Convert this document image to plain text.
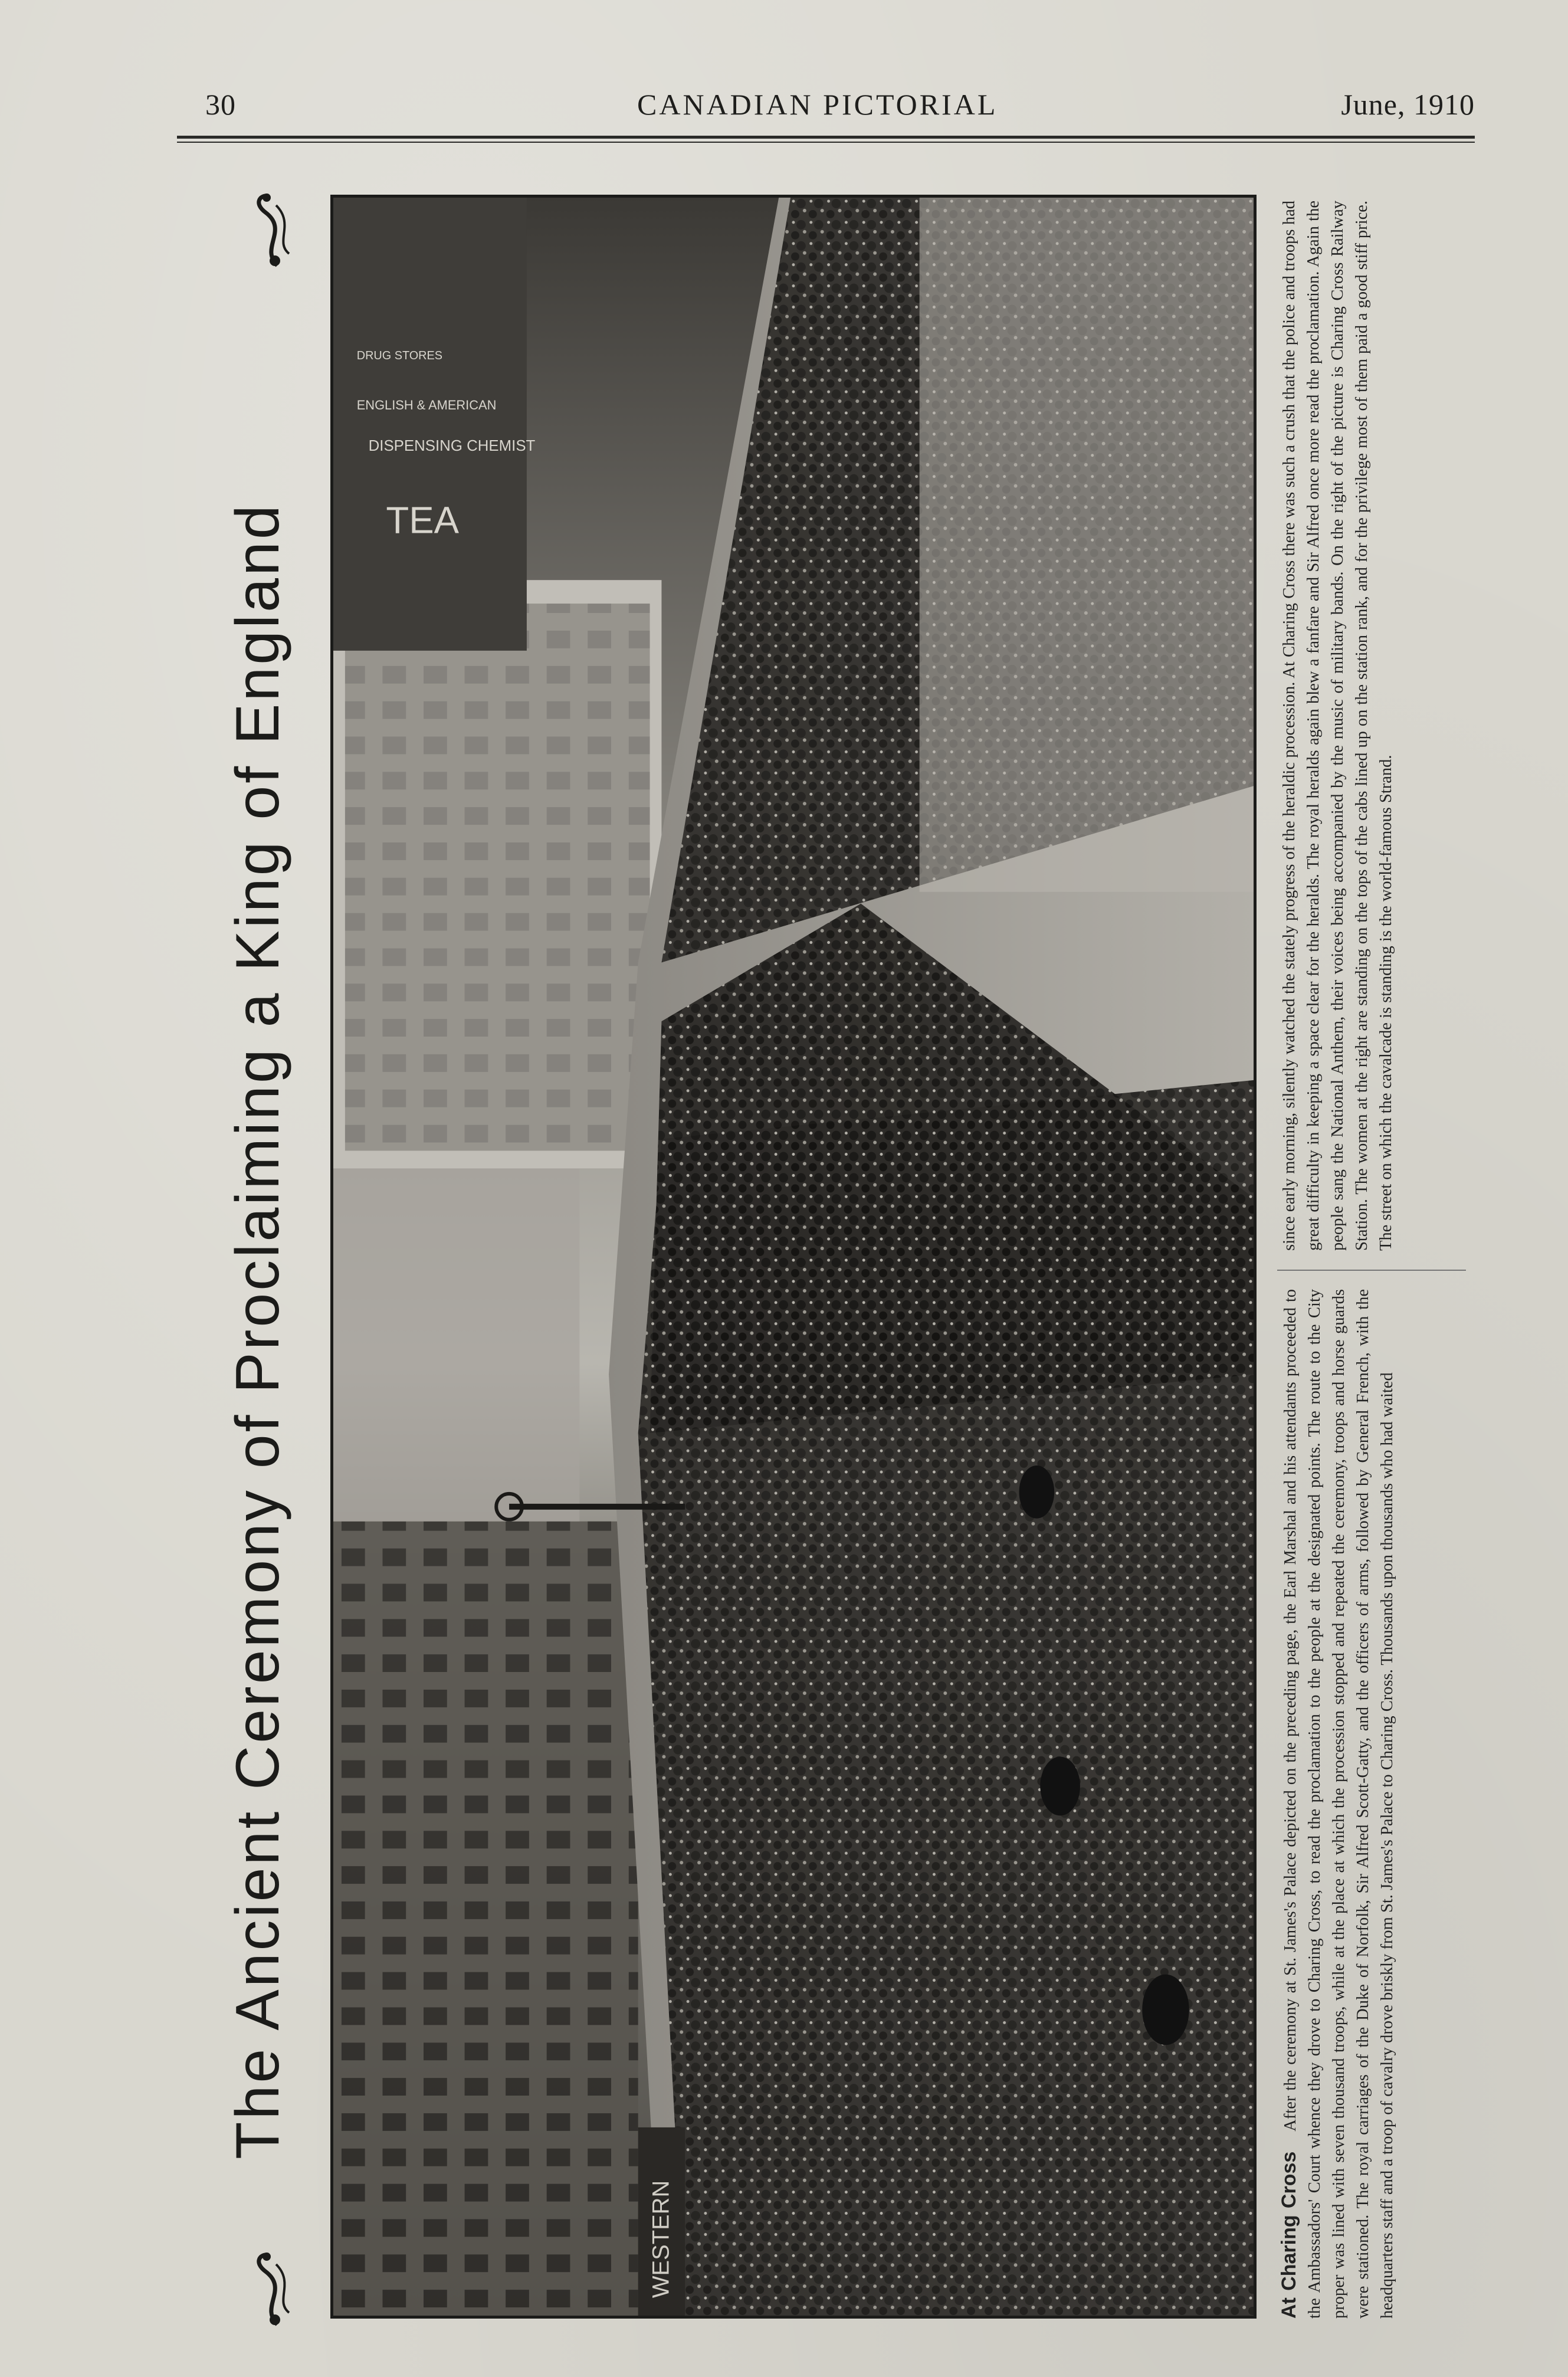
30	CANADIAN PICTORIAL	June, 1910
The Ancient Ceremony of Proclaiming a King of England TEA
DISPENSING CHEMIST
ENGLISH & AMERICAN
DRUG STORES
WESTERN	At Charing CrossAfter the ceremony at St. James's Palace depicted on the preceding page, the Earl Marshal and his attendants proceeded to the Ambassadors' Court whence they drove to Charing Cross, to read the proclamation to the people at the designated points. The route to the City proper was lined with seven thousand troops, while at the place at which the procession stopped and repeated the ceremony, troops and horse guards were stationed. The royal carriages of the Duke of Norfolk, Sir Alfred Scott-Gatty, and the officers of arms, followed by General French, with the headquarters staff and a troop of cavalry drove briskly from St. James's Palace to Charing Cross. Thousands upon thousands who had waited
since early morning, silently watched the stately progress of the heraldic procession. At Charing Cross there was such a crush that the police and troops had great difficulty in keeping a space clear for the heralds. The royal heralds again blew a fanfare and Sir Alfred once more read the proclamation. Again the people sang the National Anthem, their voices being accompanied by the music of military bands. On the right of the picture is Charing Cross Railway Station. The women at the right are standing on the tops of the cabs lined up on the station rank, and for the privilege most of them paid a good stiff price. The street on which the cavalcade is standing is the world-famous Strand.
